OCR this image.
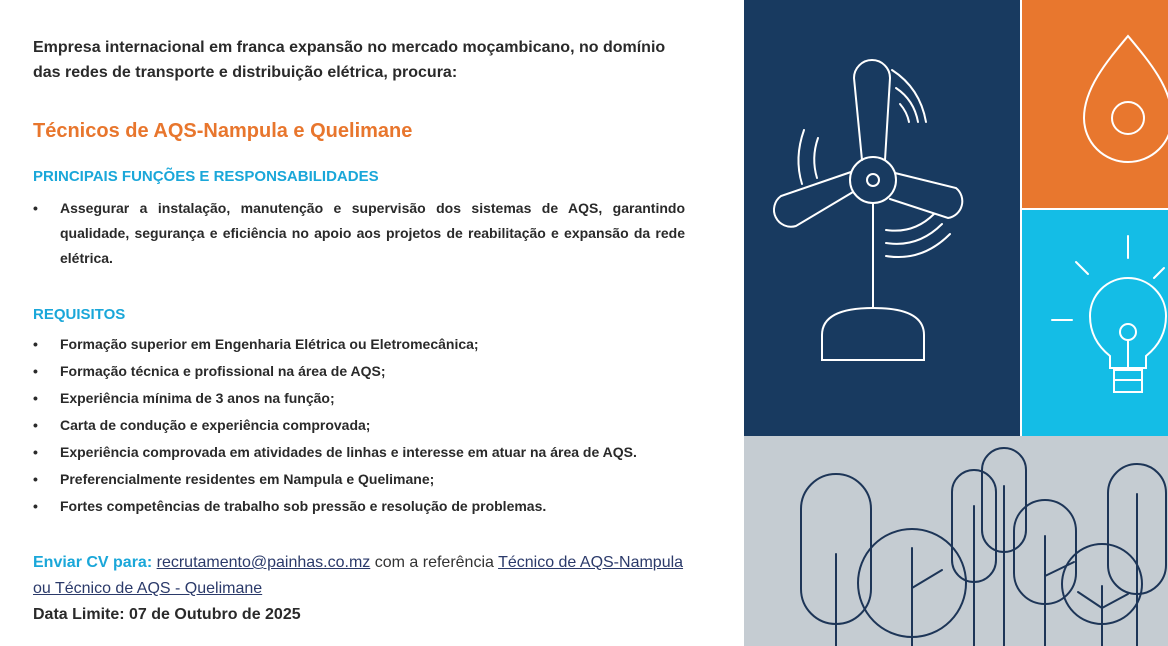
Empresa internacional em franca expansão no mercado moçambicano, no domínio das redes de transporte e distribuição elétrica, procura:
Técnicos de AQS-Nampula e Quelimane
PRINCIPAIS FUNÇÕES E RESPONSABILIDADES
• Assegurar a instalação, manutenção e supervisão dos sistemas de AQS, garantindo qualidade, segurança e eficiência no apoio aos projetos de reabilitação e expansão da rede elétrica.
REQUISITOS
• Formação superior em Engenharia Elétrica ou Eletromecânica;
• Formação técnica e profissional na área de AQS;
• Experiência mínima de 3 anos na função;
• Carta de condução e experiência comprovada;
• Experiência comprovada em atividades de linhas e interesse em atuar na área de AQS.
• Preferencialmente residentes em Nampula e Quelimane;
• Fortes competências de trabalho sob pressão e resolução de problemas.
Enviar CV para: recrutamento@painhas.co.mz com a referência Técnico de AQS-Nampula ou Técnico de AQS - Quelimane
Data Limite: 07 de Outubro de 2025
